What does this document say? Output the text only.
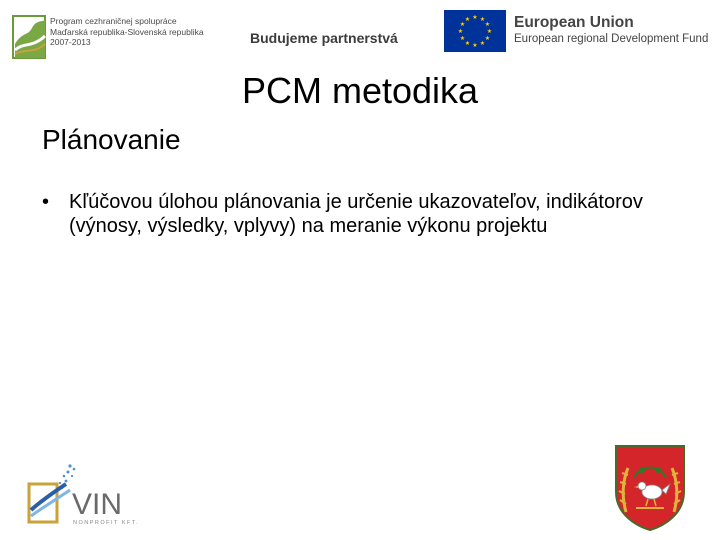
Program cezhraničnej spolupráce
Maďarská republika-Slovenská republika
2007-2013	Budujeme partnerstvá
★ ★
★
★
★
★
★
★
★
★
★
★	European Union
European regional Development Fund
PCM metodika
Plánovanie
• Kľúčovou úlohou plánovania je určenie ukazovateľov, indikátorov (výnosy, výsledky, vplyvy) na meranie výkonu projektu
VIN
NONPROFIT KFT.
